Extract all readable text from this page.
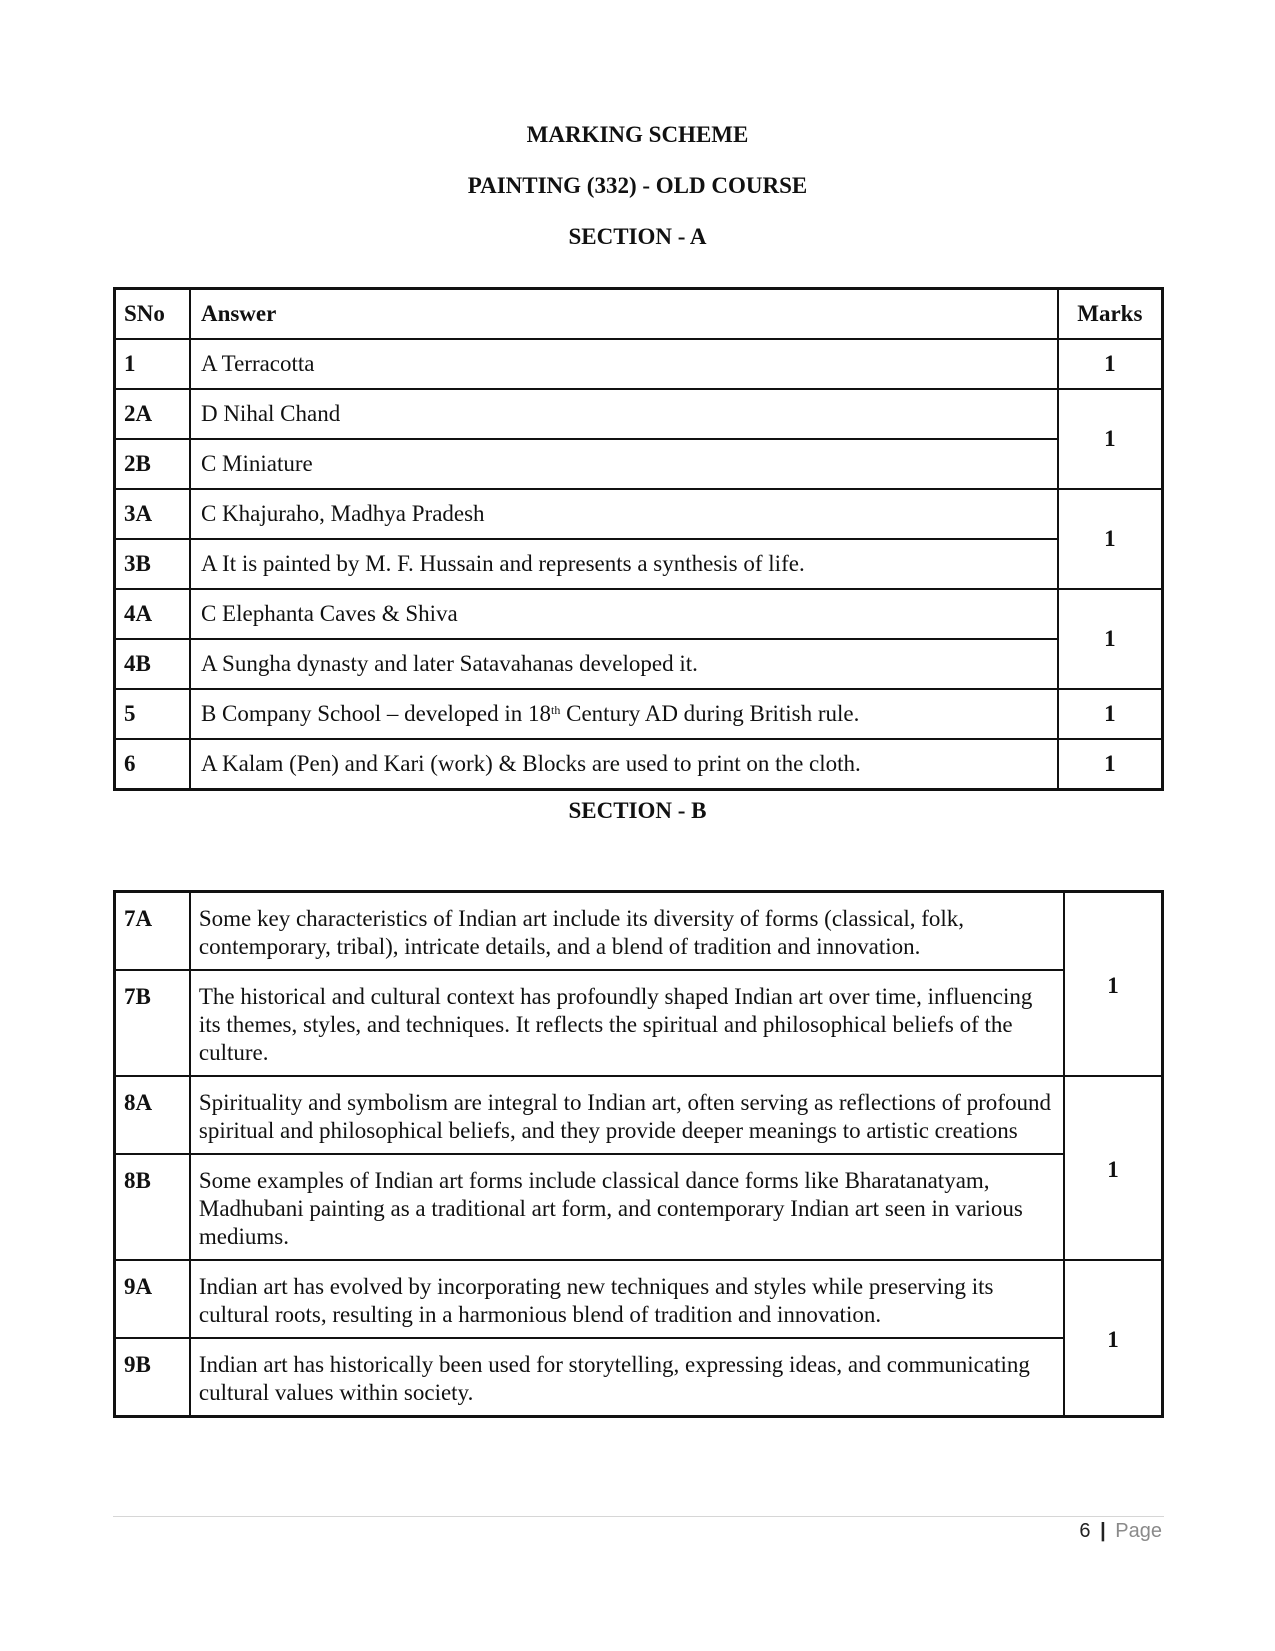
MARKING SCHEME
PAINTING (332) - OLD COURSE
SECTION - A
SNo	Answer	Marks
1	A Terracotta	1
2A	D Nihal Chand	1
2B	C Miniature	
3A	C Khajuraho, Madhya Pradesh	1
3B	A It is painted by M. F. Hussain and represents a synthesis of life.	
4A	C Elephanta Caves & Shiva	1
4B	A Sungha dynasty and later Satavahanas developed it.	
5	B Company School – developed in 18th Century AD during British rule.	1
6	A Kalam (Pen) and Kari (work) & Blocks are used to print on the cloth.	1
SECTION - B
7A	Some key characteristics of Indian art include its diversity of forms (classical, folk, contemporary, tribal), intricate details, and a blend of tradition and innovation.	1
7B	The historical and cultural context has profoundly shaped Indian art over time, influencing its themes, styles, and techniques. It reflects the spiritual and philosophical beliefs of the culture.	
8A	Spirituality and symbolism are integral to Indian art, often serving as reflections of profound spiritual and philosophical beliefs, and they provide deeper meanings to artistic creations	1
8B	Some examples of Indian art forms include classical dance forms like Bharatanatyam, Madhubani painting as a traditional art form, and contemporary Indian art seen in various mediums.	
9A	Indian art has evolved by incorporating new techniques and styles while preserving its cultural roots, resulting in a harmonious blend of tradition and innovation.	1
9B	Indian art has historically been used for storytelling, expressing ideas, and communicating cultural values within society.	
6 | Page
